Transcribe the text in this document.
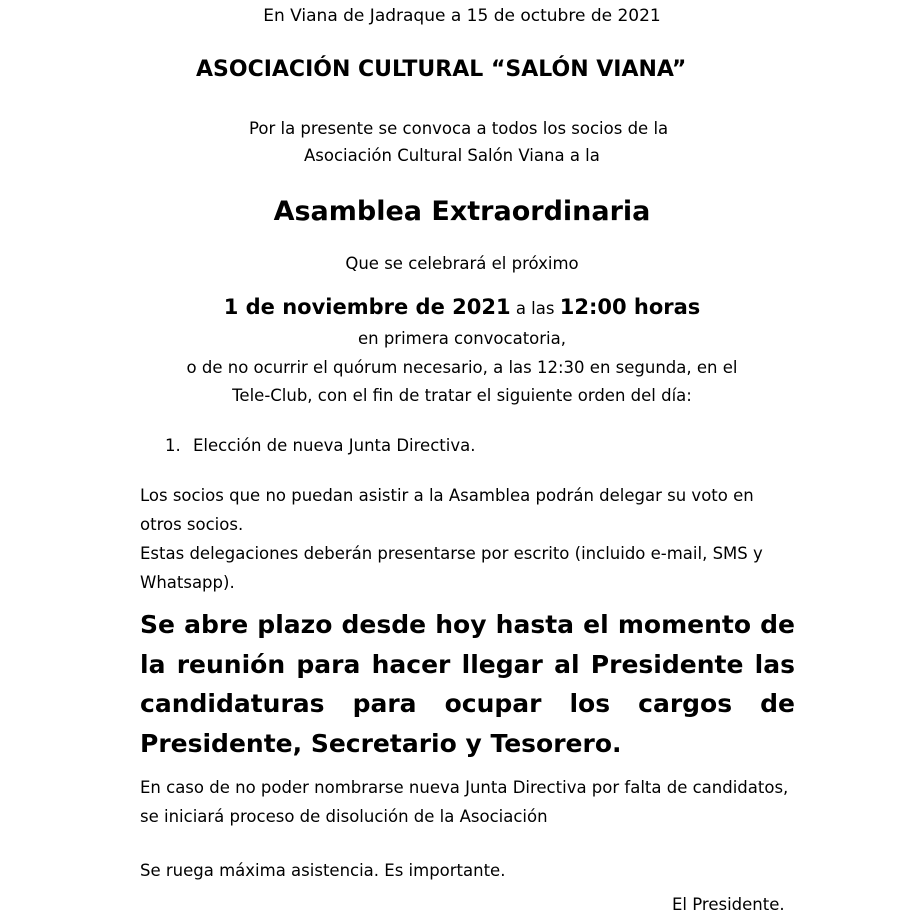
En Viana de Jadraque a 15 de octubre de 2021
ASOCIACIÓN CULTURAL “SALÓN VIANA”
Por la presente se convoca a todos los socios de la
Asociación Cultural Salón Viana a la
Asamblea Extraordinaria
Que se celebrará el próximo
1 de noviembre de 2021 a las 12:00 horas
en primera convocatoria,
o de no ocurrir el quórum necesario, a las 12:30 en segunda, en el
Tele-Club, con el fin de tratar el siguiente orden del día:
1. Elección de nueva Junta Directiva.
Los socios que no puedan asistir a la Asamblea podrán delegar su voto en otros socios.
Estas delegaciones deberán presentarse por escrito (incluido e-mail, SMS y Whatsapp).
Se abre plazo desde hoy hasta el momento de la reunión para hacer llegar al Presidente las candidaturas para ocupar los cargos de Presidente, Secretario y Tesorero.
En caso de no poder nombrarse nueva Junta Directiva por falta de candidatos, se iniciará proceso de disolución de la Asociación
Se ruega máxima asistencia. Es importante.
El Presidente.
